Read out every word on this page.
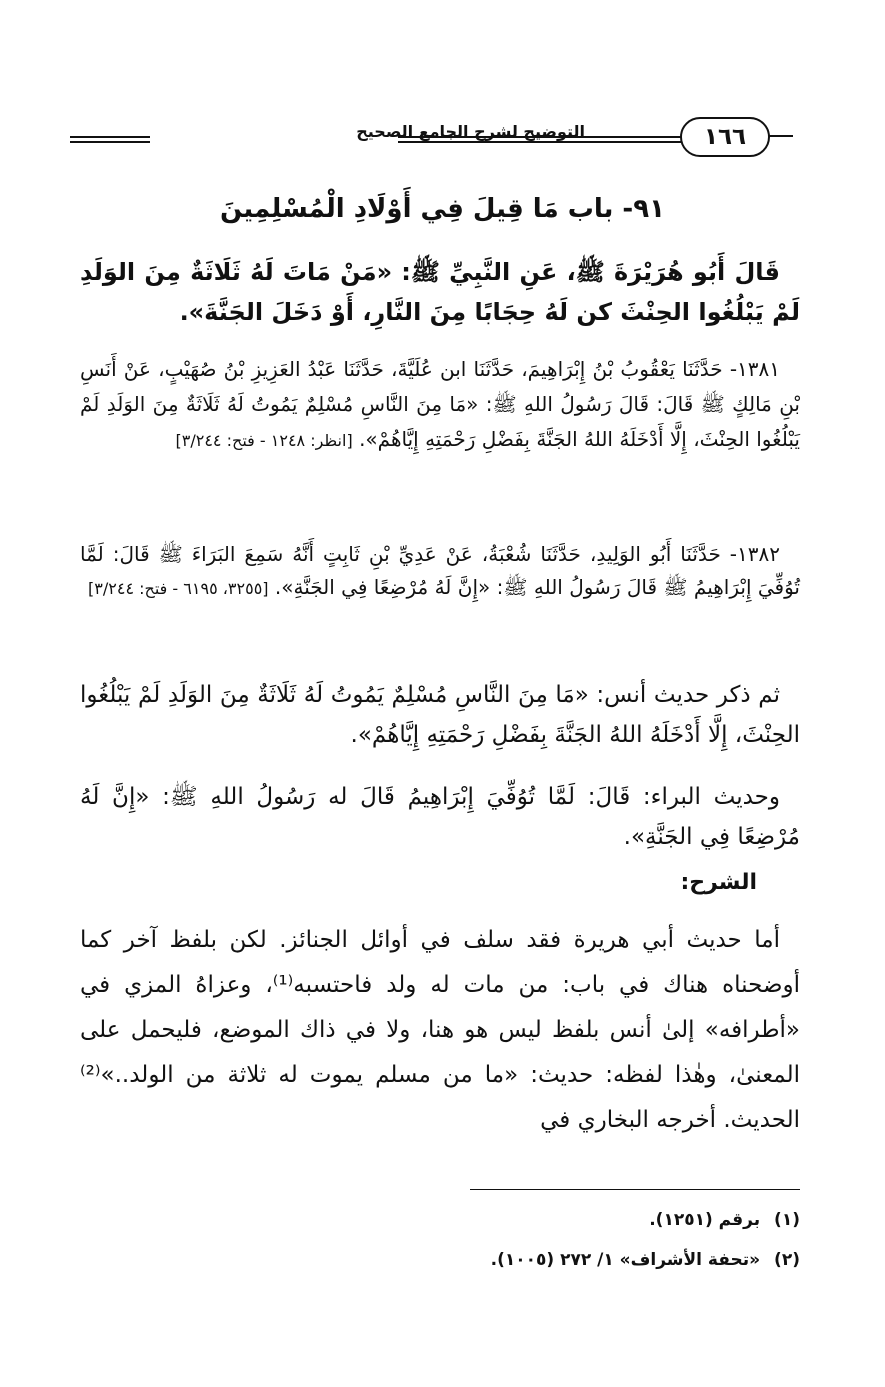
التوضيح لشرح الجامع الصحيح	١٦٦
٩١- باب مَا قِيلَ فِي أَوْلَادِ الْمُسْلِمِينَ
قَالَ أَبُو هُرَيْرَةَ ﷺ، عَنِ النَّبِيِّ ﷺ: «مَنْ مَاتَ لَهُ ثَلَاثَةٌ مِنَ الوَلَدِ لَمْ يَبْلُغُوا الحِنْثَ كن لَهُ حِجَابًا مِنَ النَّارِ، أَوْ دَخَلَ الجَنَّةَ».
١٣٨١- حَدَّثَنَا يَعْقُوبُ بْنُ إِبْرَاهِيمَ، حَدَّثَنَا ابن عُلَيَّةَ، حَدَّثَنَا عَبْدُ العَزِيزِ بْنُ صُهَيْبٍ، عَنْ أَنَسِ بْنِ مَالِكٍ ﷺ قَالَ: قَالَ رَسُولُ اللهِ ﷺ: «مَا مِنَ النَّاسِ مُسْلِمٌ يَمُوتُ لَهُ ثَلَاثَةٌ مِنَ الوَلَدِ لَمْ يَبْلُغُوا الحِنْثَ، إِلَّا أَدْخَلَهُ اللهُ الجَنَّةَ بِفَضْلِ رَحْمَتِهِ إِيَّاهُمْ». [انظر: ١٢٤٨ - فتح: ٣/٢٤٤]
١٣٨٢- حَدَّثَنَا أَبُو الوَلِيدِ، حَدَّثَنَا شُعْبَةُ، عَنْ عَدِيِّ بْنِ ثَابِتٍ أَنَّهُ سَمِعَ البَرَاءَ ﷺ قَالَ: لَمَّا تُوُفِّيَ إِبْرَاهِيمُ ﷺ قَالَ رَسُولُ اللهِ ﷺ: «إِنَّ لَهُ مُرْضِعًا فِي الجَنَّةِ». [٣٢٥٥، ٦١٩٥ - فتح: ٣/٢٤٤]
ثم ذكر حديث أنس: «مَا مِنَ النَّاسِ مُسْلِمٌ يَمُوتُ لَهُ ثَلَاثَةٌ مِنَ الوَلَدِ لَمْ يَبْلُغُوا الحِنْثَ، إِلَّا أَدْخَلَهُ اللهُ الجَنَّةَ بِفَضْلِ رَحْمَتِهِ إِيَّاهُمْ».
وحديث البراء: قَالَ: لَمَّا تُوُفِّيَ إِبْرَاهِيمُ قَالَ له رَسُولُ اللهِ ﷺ: «إِنَّ لَهُ مُرْضِعًا فِي الجَنَّةِ».
الشرح:
أما حديث أبي هريرة فقد سلف في أوائل الجنائز. لكن بلفظ آخر كما أوضحناه هناك في باب: من مات له ولد فاحتسبه⁽¹⁾، وعزاهُ المزي في «أطرافه» إلىٰ أنس بلفظ ليس هو هنا، ولا في ذاك الموضع، فليحمل على المعنىٰ، وهٰذا لفظه: حديث: «ما من مسلم يموت له ثلاثة من الولد..»⁽²⁾ الحديث. أخرجه البخاري في
(١) برقم (١٢٥١).
(٢) «تحفة الأشراف» ١/ ٢٧٢ (١٠٠٥).
